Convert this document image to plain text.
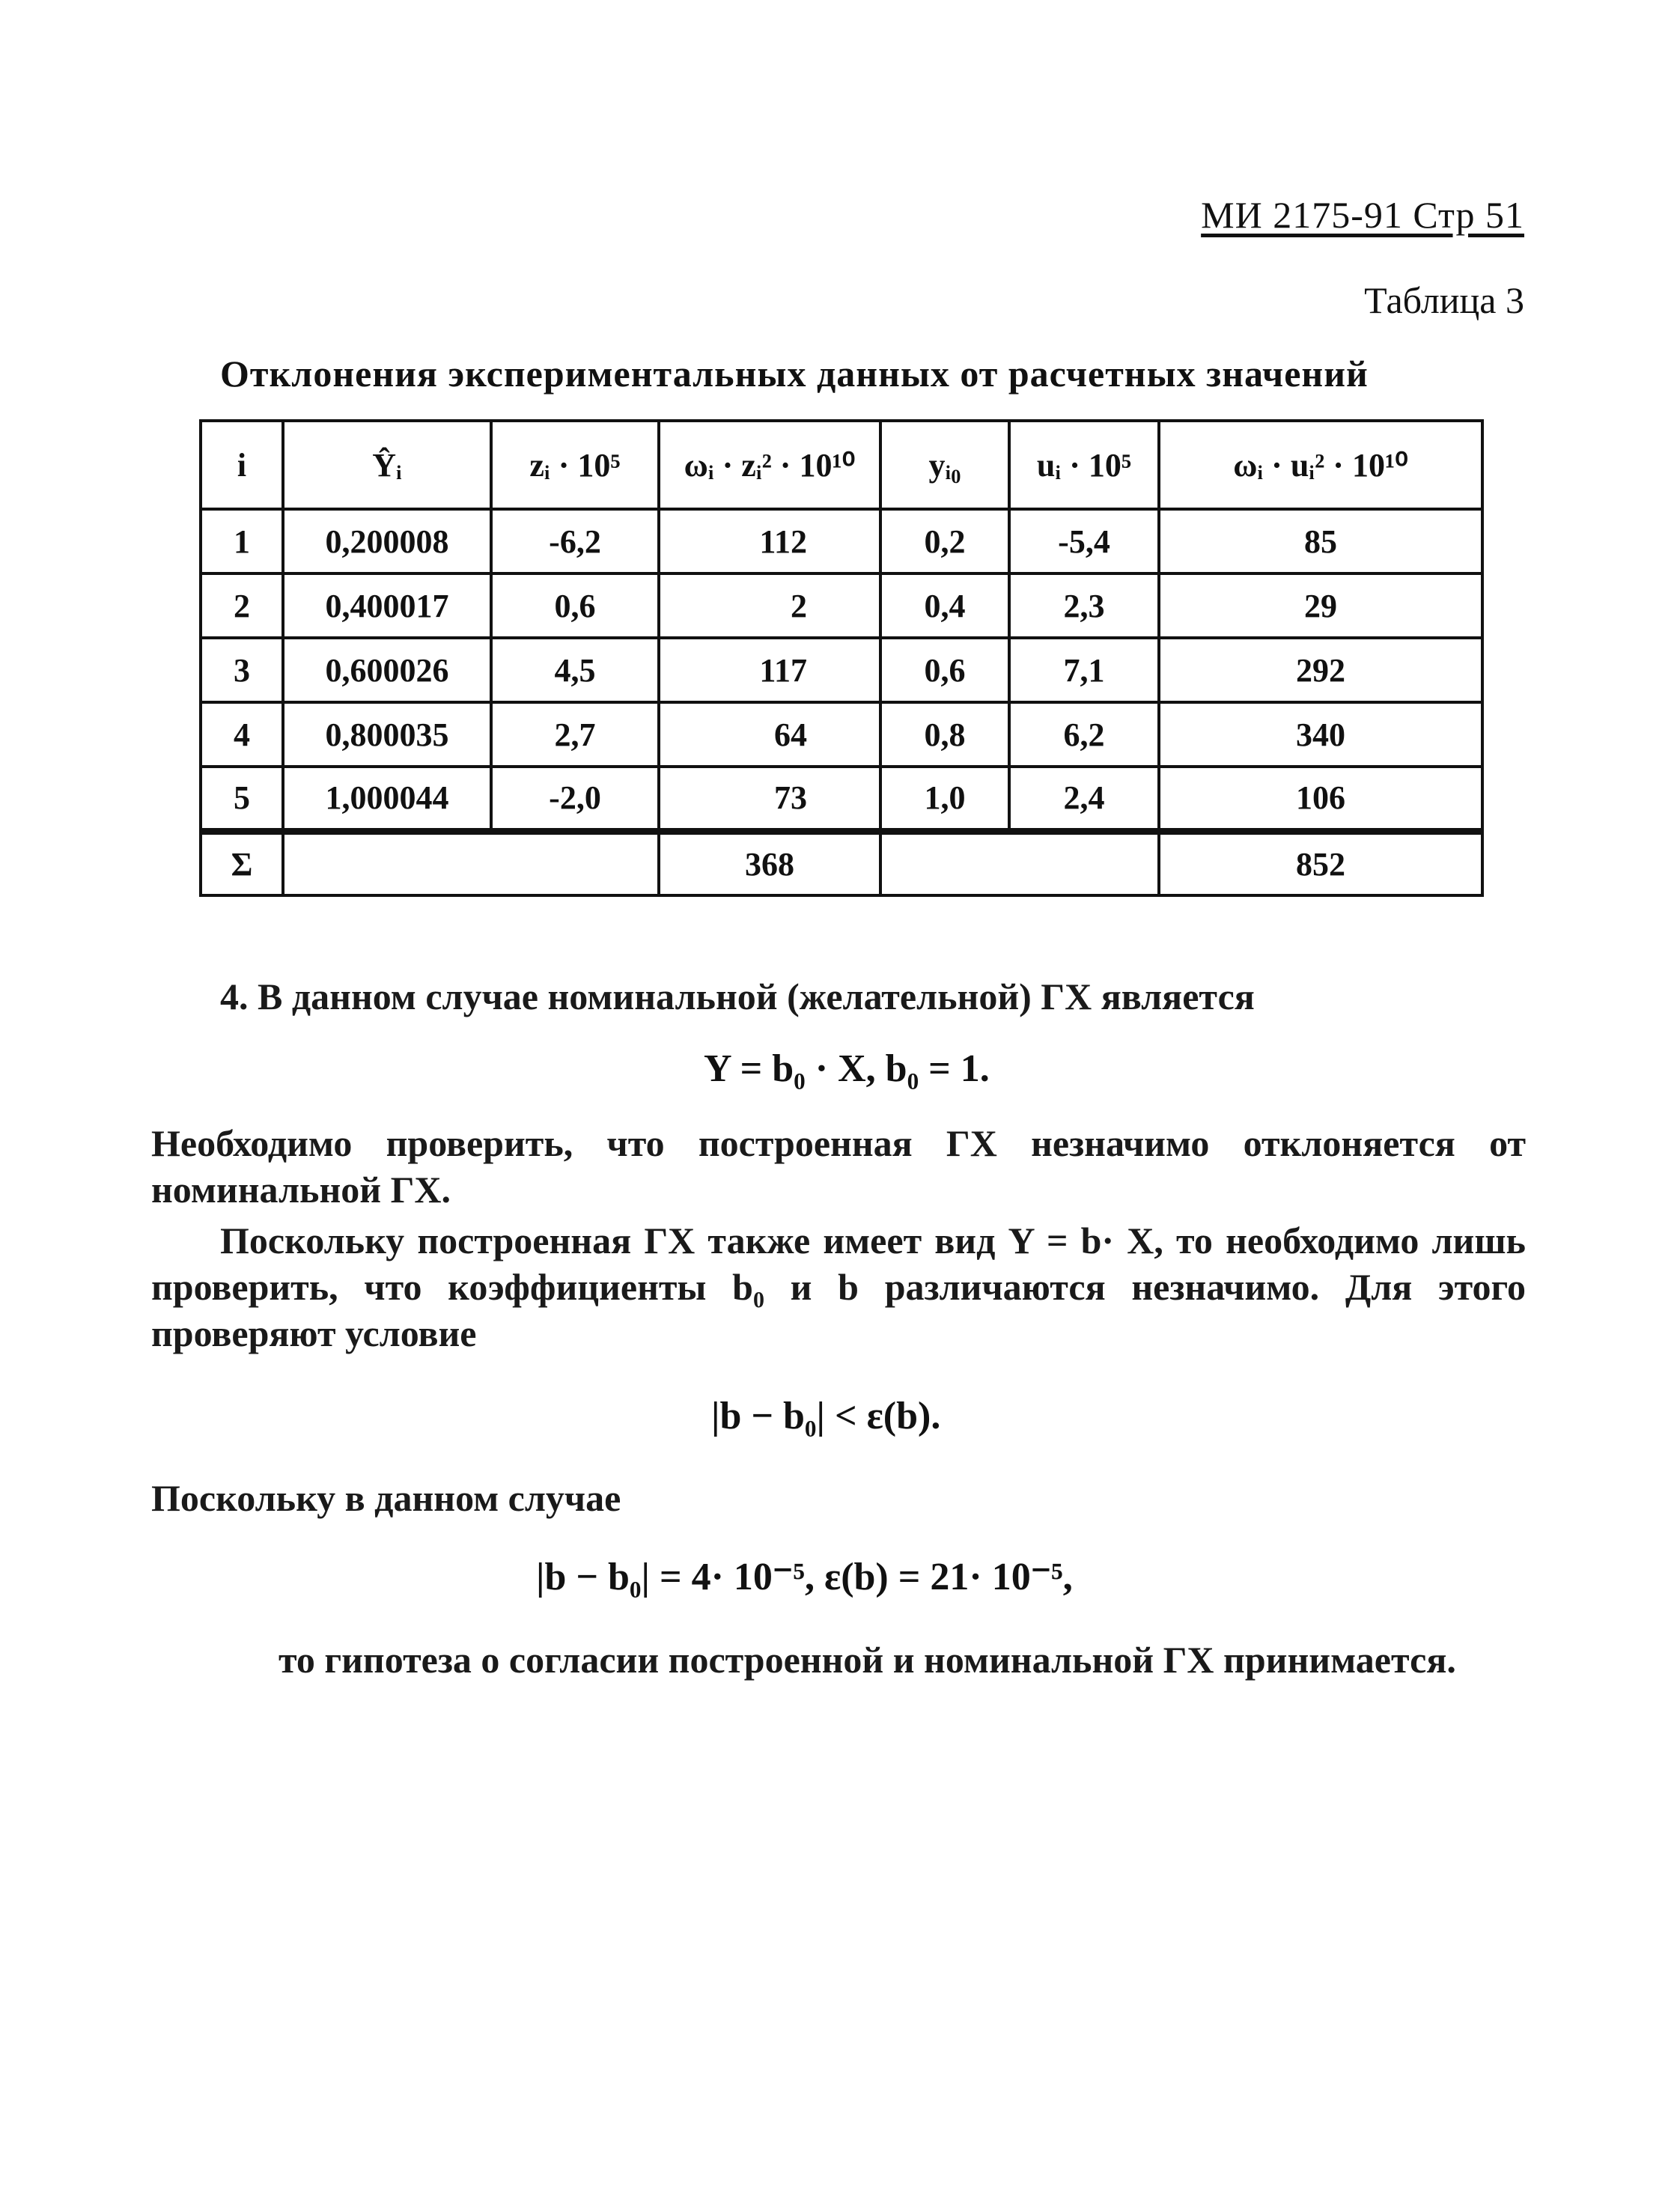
МИ 2175-91 Стр 51
Таблица 3
Отклонения экспериментальных данных от расчетных значений
i	Ŷᵢ	zᵢ · 10⁵	ωᵢ · zᵢ² · 10¹⁰	yᵢ₀	uᵢ · 10⁵	ωᵢ · uᵢ² · 10¹⁰
1	0,200008	-6,2	112	0,2	-5,4	85
2	0,400017	0,6	2	0,4	2,3	29
3	0,600026	4,5	117	0,6	7,1	292
4	0,800035	2,7	64	0,8	6,2	340
5	1,000044	-2,0	73	1,0	2,4	106
Σ			368			852
4. В данном случае номинальной (желательной) ГХ является
Y = b₀ · X, b₀ = 1.
Необходимо проверить, что построенная ГХ незначимо отклоняется от номинальной ГХ.
Поскольку построенная ГХ также имеет вид Y = b· X, то необходимо лишь проверить, что коэффициенты b₀ и b различаются незначимо. Для этого проверяют условие
|b − b₀| < ε(b).
Поскольку в данном случае
|b − b₀| = 4· 10⁻⁵, ε(b) = 21· 10⁻⁵,
то гипотеза о согласии построенной и номинальной ГХ принимается.
